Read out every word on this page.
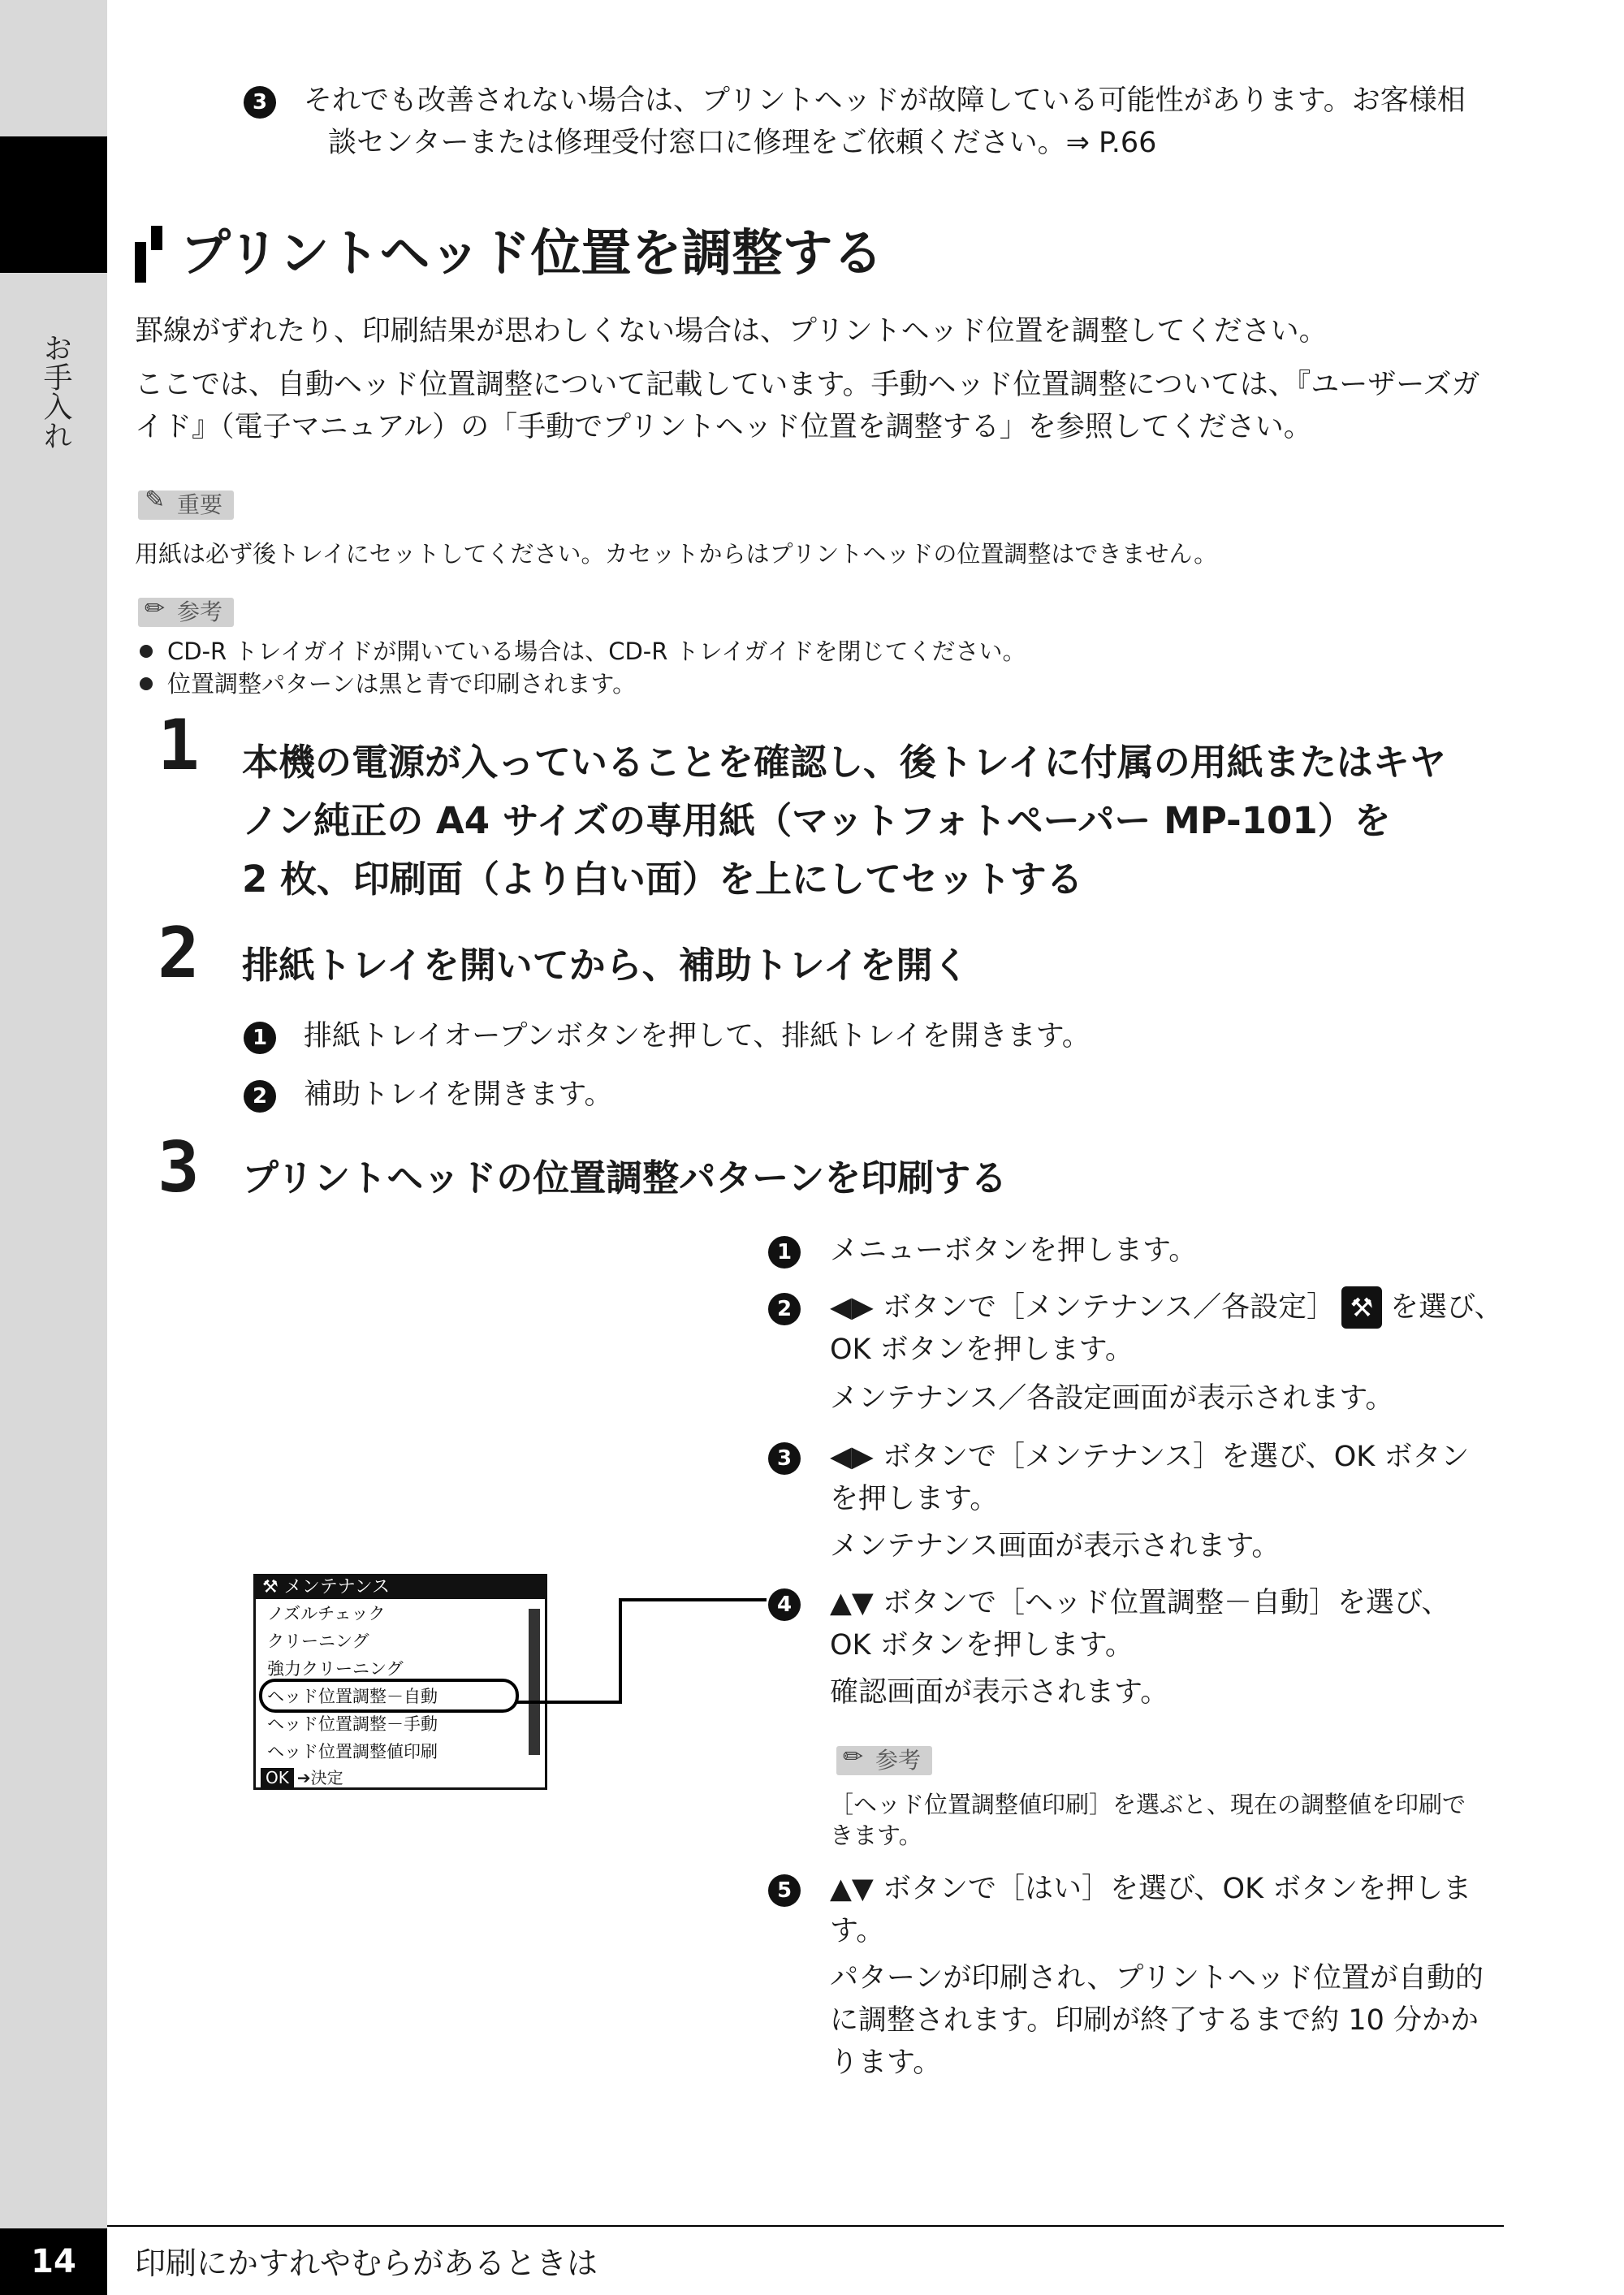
お手入れ
3	それでも改善されない場合は、プリントヘッドが故障している可能性があります。お客様相
談センターまたは修理受付窓口に修理をご依頼ください。⇒ P.66
プリントヘッド位置を調整する
罫線がずれたり、印刷結果が思わしくない場合は、プリントヘッド位置を調整してください。
ここでは、自動ヘッド位置調整について記載しています。手動ヘッド位置調整については、『ユーザーズガ
イド』（電子マニュアル）の「手動でプリントヘッド位置を調整する」を参照してください。
✎ 重要
用紙は必ず後トレイにセットしてください。カセットからはプリントヘッドの位置調整はできません。
✏ 参考
CD-R トレイガイドが開いている場合は、CD-R トレイガイドを閉じてください。
位置調整パターンは黒と青で印刷されます。
1 本機の電源が入っていることを確認し、後トレイに付属の用紙またはキヤ
ノン純正の A4 サイズの専用紙（マットフォトペーパー MP-101）を
2 枚、印刷面（より白い面）を上にしてセットする
2 排紙トレイを開いてから、補助トレイを開く
1	排紙トレイオープンボタンを押して、排紙トレイを開きます。
2	補助トレイを開きます。
3 プリントヘッドの位置調整パターンを印刷する
1	メニューボタンを押します。
2	◀▶ ボタンで［メンテナンス／各設定］ ⚒ を選び、
OK ボタンを押します。
メンテナンス／各設定画面が表示されます。
3	◀▶ ボタンで［メンテナンス］を選び、OK ボタン
を押します。
メンテナンス画面が表示されます。
4	▲▼ ボタンで［ヘッド位置調整－自動］を選び、
OK ボタンを押します。
確認画面が表示されます。
✏ 参考
［ヘッド位置調整値印刷］を選ぶと、現在の調整値を印刷で
きます。
5	▲▼ ボタンで［はい］を選び、OK ボタンを押しま
す。
パターンが印刷され、プリントヘッド位置が自動的
に調整されます。印刷が終了するまで約 10 分かか
ります。
⚒ メンテナンス
ノズルチェック
クリーニング
強力クリーニング
ヘッド位置調整－自動
ヘッド位置調整－手動
ヘッド位置調整値印刷
OK ➔決定
14	印刷にかすれやむらがあるときは
